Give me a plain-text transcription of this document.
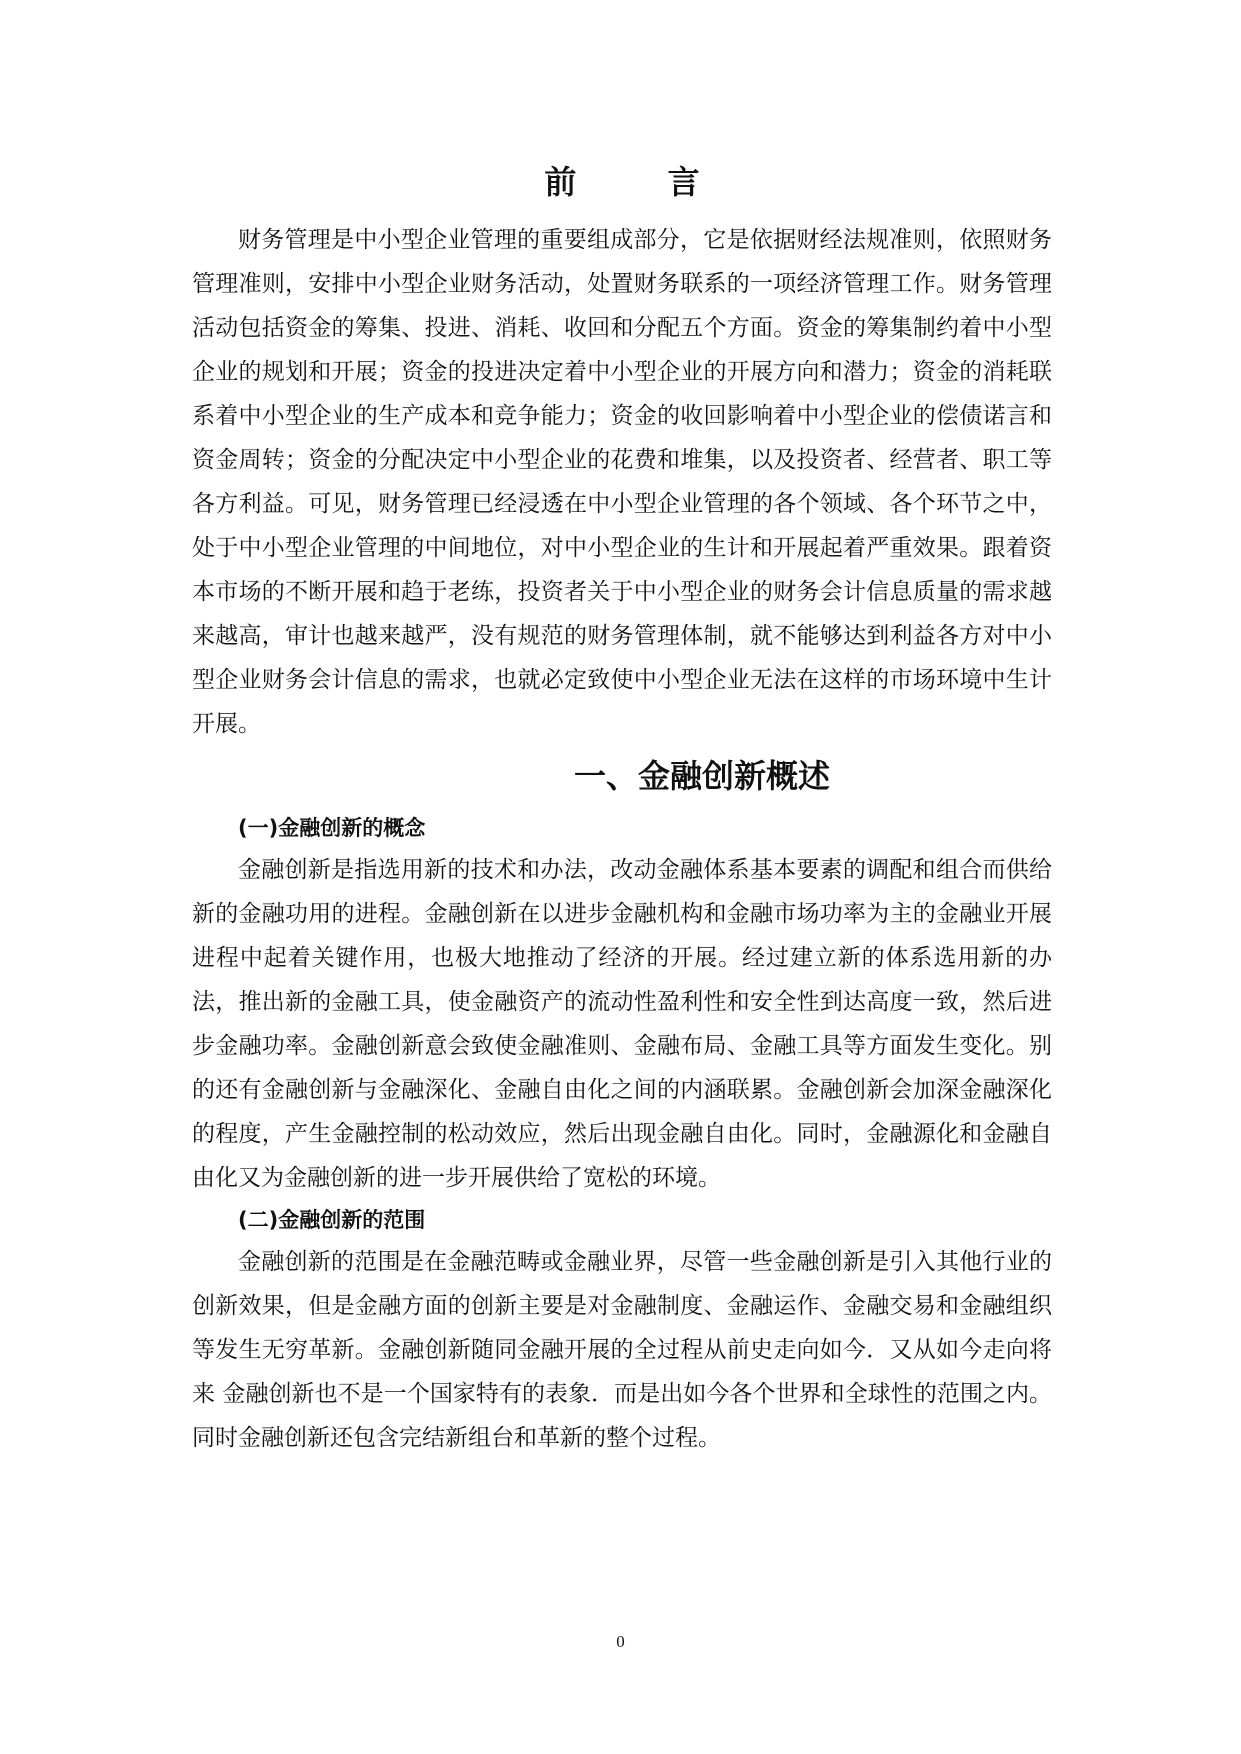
前 言

财务管理是中小型企业管理的重要组成部分，它是依据财经法规准则，依照财务管理准则，安排中小型企业财务活动，处置财务联系的一项经济管理工作。财务管理活动包括资金的筹集、投进、消耗、收回和分配五个方面。资金的筹集制约着中小型企业的规划和开展；资金的投进决定着中小型企业的开展方向和潜力；资金的消耗联系着中小型企业的生产成本和竞争能力；资金的收回影响着中小型企业的偿债诺言和资金周转；资金的分配决定中小型企业的花费和堆集，以及投资者、经营者、职工等各方利益。可见，财务管理已经浸透在中小型企业管理的各个领域、各个环节之中，处于中小型企业管理的中间地位，对中小型企业的生计和开展起着严重效果。跟着资本市场的不断开展和趋于老练，投资者关于中小型企业的财务会计信息质量的需求越来越高，审计也越来越严，没有规范的财务管理体制，就不能够达到利益各方对中小型企业财务会计信息的需求，也就必定致使中小型企业无法在这样的市场环境中生计开展。

一、金融创新概述
(一)金融创新的概念

金融创新是指选用新的技术和办法，改动金融体系基本要素的调配和组合而供给新的金融功用的进程。金融创新在以进步金融机构和金融市场功率为主的金融业开展进程中起着关键作用，也极大地推动了经济的开展。经过建立新的体系选用新的办法，推出新的金融工具，使金融资产的流动性盈利性和安全性到达高度一致，然后进步金融功率。金融创新意会致使金融准则、金融布局、金融工具等方面发生变化。别的还有金融创新与金融深化、金融自由化之间的内涵联累。金融创新会加深金融深化的程度，产生金融控制的松动效应，然后出现金融自由化。同时，金融源化和金融自由化又为金融创新的进一步开展供给了宽松的环境。

(二)金融创新的范围

金融创新的范围是在金融范畴或金融业界，尽管一些金融创新是引入其他行业的创新效果，但是金融方面的创新主要是对金融制度、金融运作、金融交易和金融组织等发生无穷革新。金融创新随同金融开展的全过程从前史走向如今．又从如今走向将来 金融创新也不是一个国家特有的表象．而是出如今各个世界和全球性的范围之内。同时金融创新还包含完结新组台和革新的整个过程。

0
